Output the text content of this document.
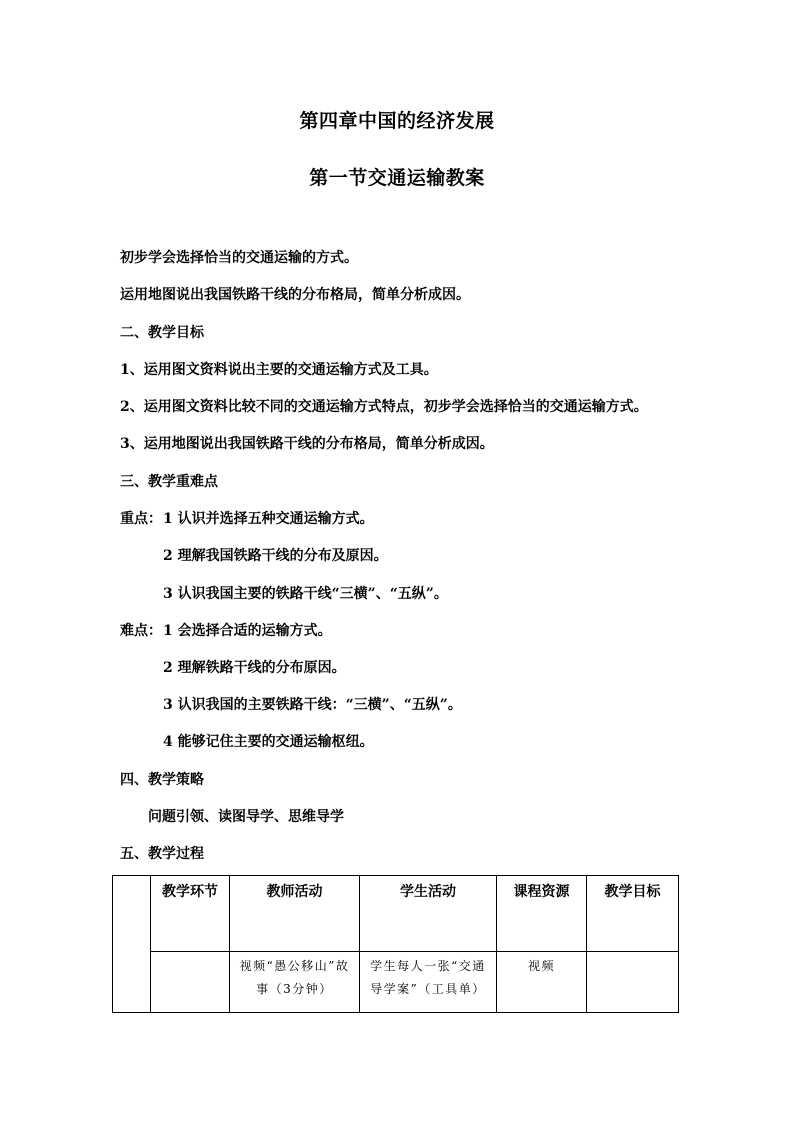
第四章中国的经济发展
第一节交通运输教案
初步学会选择恰当的交通运输的方式。
运用地图说出我国铁路干线的分布格局，简单分析成因。
二、教学目标
1、运用图文资料说出主要的交通运输方式及工具。
2、运用图文资料比较不同的交通运输方式特点，初步学会选择恰当的交通运输方式。
3、运用地图说出我国铁路干线的分布格局，简单分析成因。
三、教学重难点
重点： 1 认识并选择五种交通运输方式。
2 理解我国铁路干线的分布及原因。
3 认识我国主要的铁路干线“三横”、“五纵”。
难点： 1 会选择合适的运输方式。
2 理解铁路干线的分布原因。
3 认识我国的主要铁路干线：“三横”、“五纵”。
4 能够记住主要的交通运输枢纽。
四、教学策略
问题引领、读图导学、思维导学
五、教学过程
	教学环节	教师活动	学生活动	课程资源	教学目标
		视频“愚公移山”故事（3分钟）	学生每人一张“交通导学案”（工具单）	视频	
